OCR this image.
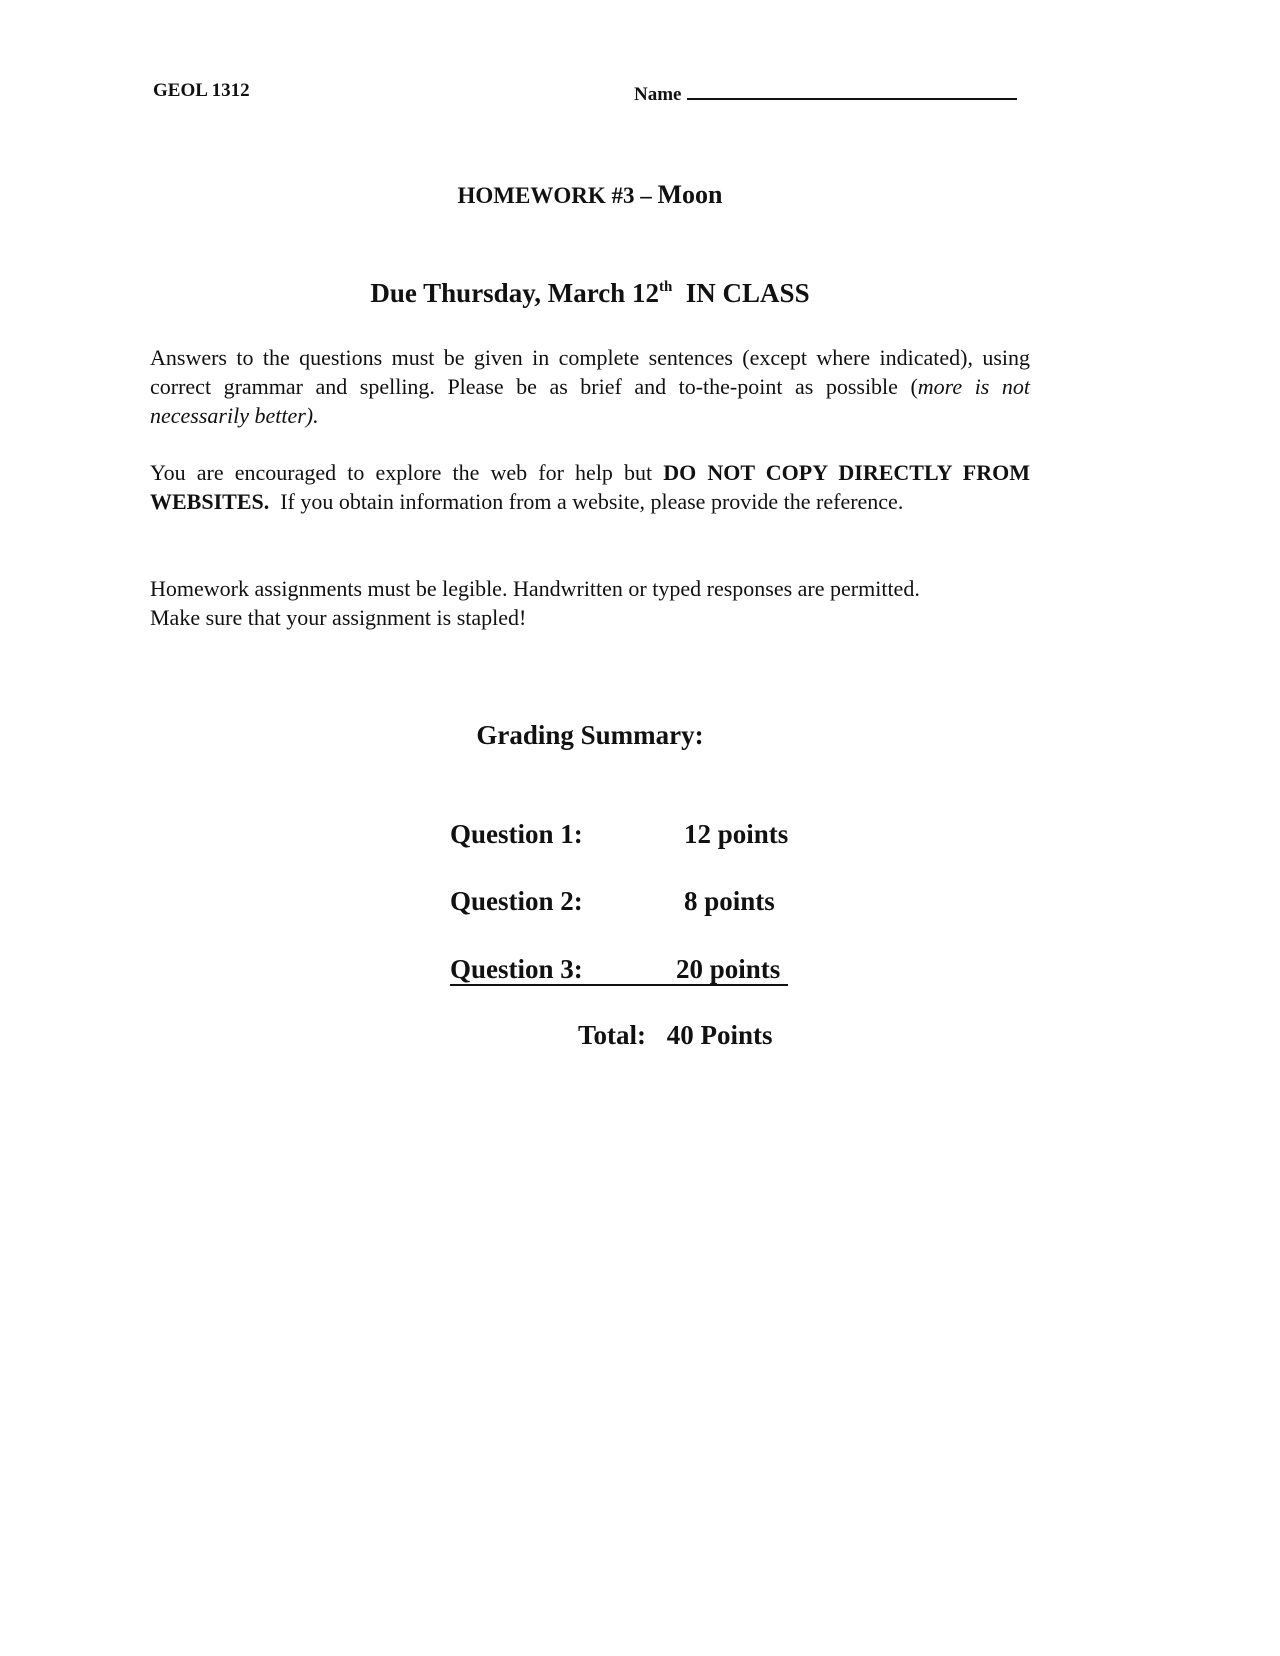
GEOL 1312	Name
HOMEWORK #3 – Moon
Due Thursday, March 12th IN CLASS
Answers to the questions must be given in complete sentences (except where indicated), using correct grammar and spelling. Please be as brief and to-the-point as possible (more is not necessarily better).
You are encouraged to explore the web for help but DO NOT COPY DIRECTLY FROM WEBSITES. If you obtain information from a website, please provide the reference.
Homework assignments must be legible. Handwritten or typed responses are permitted.
Make sure that your assignment is stapled!
Grading Summary:
Question 1:	12 points
Question 2:	8 points
Question 3:	20 points
Total: 40 Points
